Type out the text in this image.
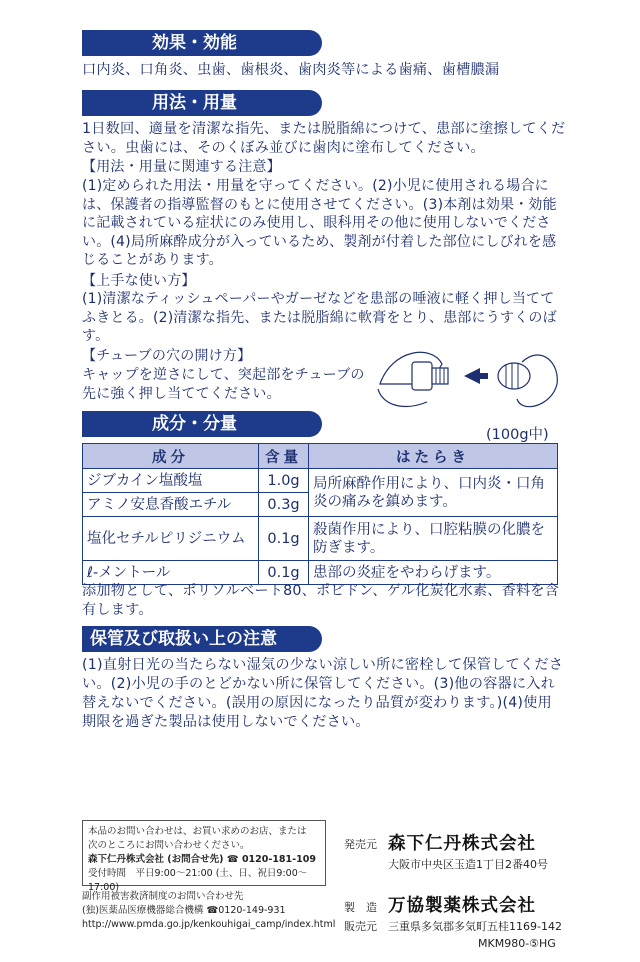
効果・効能
口内炎、口角炎、虫歯、歯根炎、歯肉炎等による歯痛、歯槽膿漏
用法・用量
1日数回、適量を清潔な指先、または脱脂綿につけて、患部に塗擦してください。虫歯には、そのくぼみ並びに歯肉に塗布してください。
【用法・用量に関連する注意】
(1)定められた用法・用量を守ってください。(2)小児に使用される場合には、保護者の指導監督のもとに使用させてください。(3)本剤は効果・効能に記載されている症状にのみ使用し、眼科用その他に使用しないでください。(4)局所麻酔成分が入っているため、製剤が付着した部位にしびれを感じることがあります。
【上手な使い方】
(1)清潔なティッシュペーパーやガーゼなどを患部の唾液に軽く押し当ててふきとる。(2)清潔な指先、または脱脂綿に軟膏をとり、患部にうすくのばす。
【チューブの穴の開け方】
キャップを逆さにして、突起部をチューブの
先に強く押し当ててください。
成分・分量
(100g中)
成分	含量	はたらき
ジブカイン塩酸塩	1.0g	局所麻酔作用により、口内炎・口角炎の痛みを鎮めます。
アミノ安息香酸エチル	0.3g	
塩化セチルピリジニウム	0.1g	殺菌作用により、口腔粘膜の化膿を防ぎます。
ℓ-メントール	0.1g	患部の炎症をやわらげます。
添加物として、ポリソルベート80、ポビドン、ゲル化炭化水素、香料を含有します。
保管及び取扱い上の注意
(1)直射日光の当たらない湿気の少ない涼しい所に密栓して保管してください。(2)小児の手のとどかない所に保管してください。(3)他の容器に入れ替えないでください。(誤用の原因になったり品質が変わります。)(4)使用期限を過ぎた製品は使用しないでください。
本品のお問い合わせは、お買い求めのお店、または
次のところにお問い合わせください。
森下仁丹株式会社 (お問合せ先) ☎ 0120-181-109
受付時間　平日9:00～21:00 (土、日、祝日9:00～17:00)
副作用被害救済制度のお問い合わせ先
(独)医薬品医療機器総合機構 ☎0120-149-931
http://www.pmda.go.jp/kenkouhigai_camp/index.html
発売元 森下仁丹株式会社
大阪市中央区玉造1丁目2番40号
製　造
販売元
万協製薬株式会社
三重県多気郡多気町五桂1169-142
MKM980-⑤HG
